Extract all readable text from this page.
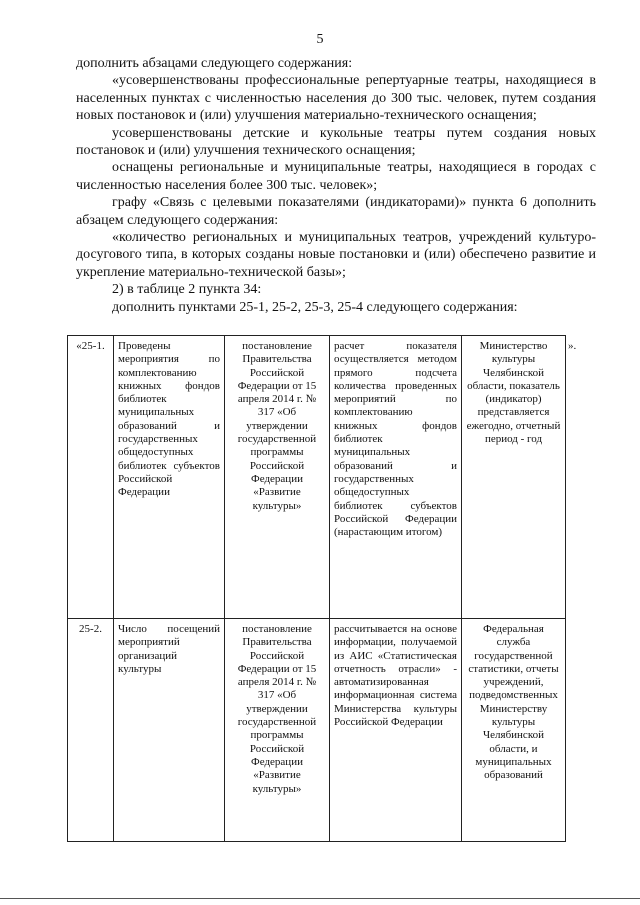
5

дополнить абзацами следующего содержания:

«усовершенствованы профессиональные репертуарные театры, находящиеся в населенных пунктах с численностью населения до 300 тыс. человек, путем создания новых постановок и (или) улучшения материально-технического оснащения;

усовершенствованы детские и кукольные театры путем создания новых постановок и (или) улучшения технического оснащения;

оснащены региональные и муниципальные театры, находящиеся в городах с численностью населения более 300 тыс. человек»;

графу «Связь с целевыми показателями (индикаторами)» пункта 6 дополнить абзацем следующего содержания:

«количество региональных и муниципальных театров, учреждений культуро-досугового типа, в которых созданы новые постановки и (или) обеспечено развитие и укрепление материально-технической базы»;

2) в таблице 2 пункта 34:

дополнить пунктами 25-1, 25-2, 25-3, 25-4 следующего содержания:

«25-1.	Проведены мероприятия по комплектованию книжных фондов библиотек муниципальных образований и государственных общедоступных библиотек субъектов Российской Федерации	постановление Правительства Российской Федерации от 15 апреля 2014 г. № 317 «Об утверждении государственной программы Российской Федерации «Развитие культуры»	расчет показателя осуществляется методом прямого подсчета количества проведенных мероприятий по комплектованию книжных фондов библиотек муниципальных образований и государственных общедоступных библиотек субъектов Российской Федерации (нарастающим итогом)	Министерство культуры Челябинской области, показатель (индикатор) представляется ежегодно, отчетный период - год	».
25-2.	Число посещений мероприятий организаций культуры	постановление Правительства Российской Федерации от 15 апреля 2014 г. № 317 «Об утверждении государственной программы Российской Федерации «Развитие культуры»	рассчитывается на основе информации, получаемой из АИС «Статистическая отчетность отрасли» - автоматизированная информационная система Министерства культуры Российской Федерации	Федеральная служба государственной статистики, отчеты учреждений, подведомственных Министерству культуры Челябинской области, и муниципальных образований	
